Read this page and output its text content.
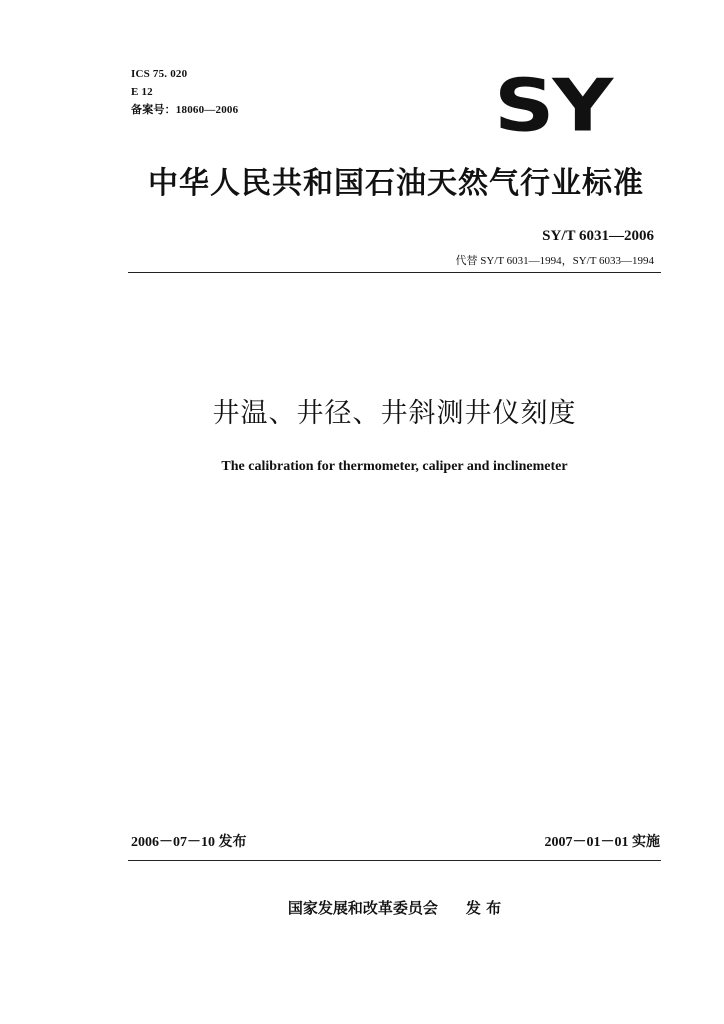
ICS 75. 020
E 12
备案号：18060—2006	SY
中华人民共和国石油天然气行业标准
SY/T 6031—2006
代替 SY/T 6031—1994，SY/T 6033—1994
井温、井径、井斜测井仪刻度
The calibration for thermometer, caliper and inclinemeter
2006－07－10 发布	2007－01－01 实施
国家发展和改革委员会 发 布
